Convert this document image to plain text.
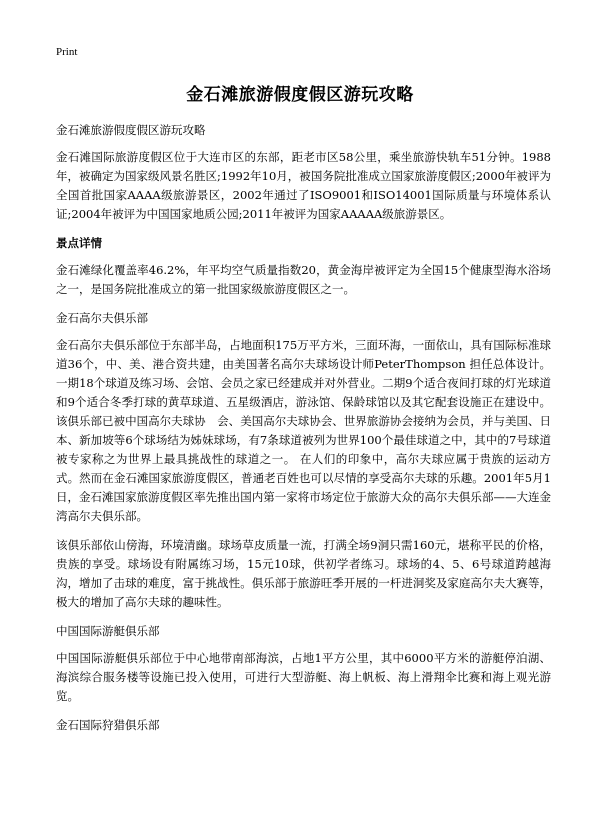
Print
金石滩旅游假度假区游玩攻略

金石滩旅游假度假区游玩攻略

金石滩国际旅游度假区位于大连市区的东部，距老市区58公里，乘坐旅游快轨车51分钟。1988年，被确定为国家级风景名胜区;1992年10月，被国务院批准成立国家旅游度假区;2000年被评为全国首批国家AAAA级旅游景区，2002年通过了ISO9001和ISO14001国际质量与环境体系认证;2004年被评为中国国家地质公园;2011年被评为国家AAAAA级旅游景区。

景点详情

金石滩绿化覆盖率46.2%，年平均空气质量指数20，黄金海岸被评定为全国15个健康型海水浴场之一，是国务院批准成立的第一批国家级旅游度假区之一。

金石高尔夫俱乐部

金石高尔夫俱乐部位于东部半岛，占地面积175万平方米，三面环海，一面依山，具有国际标准球道36个，中、美、港合资共建，由美国著名高尔夫球场设计师PeterThompson 担任总体设计。一期18个球道及练习场、会馆、会员之家已经建成并对外营业。二期9个适合夜间打球的灯光球道和9个适合冬季打球的黄草球道、五星级酒店，游泳馆、保龄球馆以及其它配套设施正在建设中。该俱乐部已被中国高尔夫球协　会、美国高尔夫球协会、世界旅游协会接纳为会员，并与美国、日本、新加坡等6个球场结为姊妹球场，有7条球道被列为世界100个最佳球道之中，其中的7号球道被专家称之为世界上最具挑战性的球道之一。 在人们的印象中，高尔夫球应属于贵族的运动方式。然而在金石滩国家旅游度假区，普通老百姓也可以尽情的享受高尔夫球的乐趣。2001年5月1日，金石滩国家旅游度假区率先推出国内第一家将市场定位于旅游大众的高尔夫俱乐部——大连金湾高尔夫俱乐部。

该俱乐部依山傍海，环境清幽。球场草皮质量一流，打满全场9洞只需160元，堪称平民的价格，贵族的享受。球场设有附属练习场，15元10球，供初学者练习。球场的4、5、6号球道跨越海沟，增加了击球的难度，富于挑战性。俱乐部于旅游旺季开展的一杆进洞奖及家庭高尔夫大赛等，极大的增加了高尔夫球的趣味性。

中国国际游艇俱乐部

中国国际游艇俱乐部位于中心地带南部海滨，占地1平方公里，其中6000平方米的游艇停泊湖、海滨综合服务楼等设施已投入使用，可进行大型游艇、海上帆板、海上滑翔伞比赛和海上观光游览。

金石国际狩猎俱乐部
